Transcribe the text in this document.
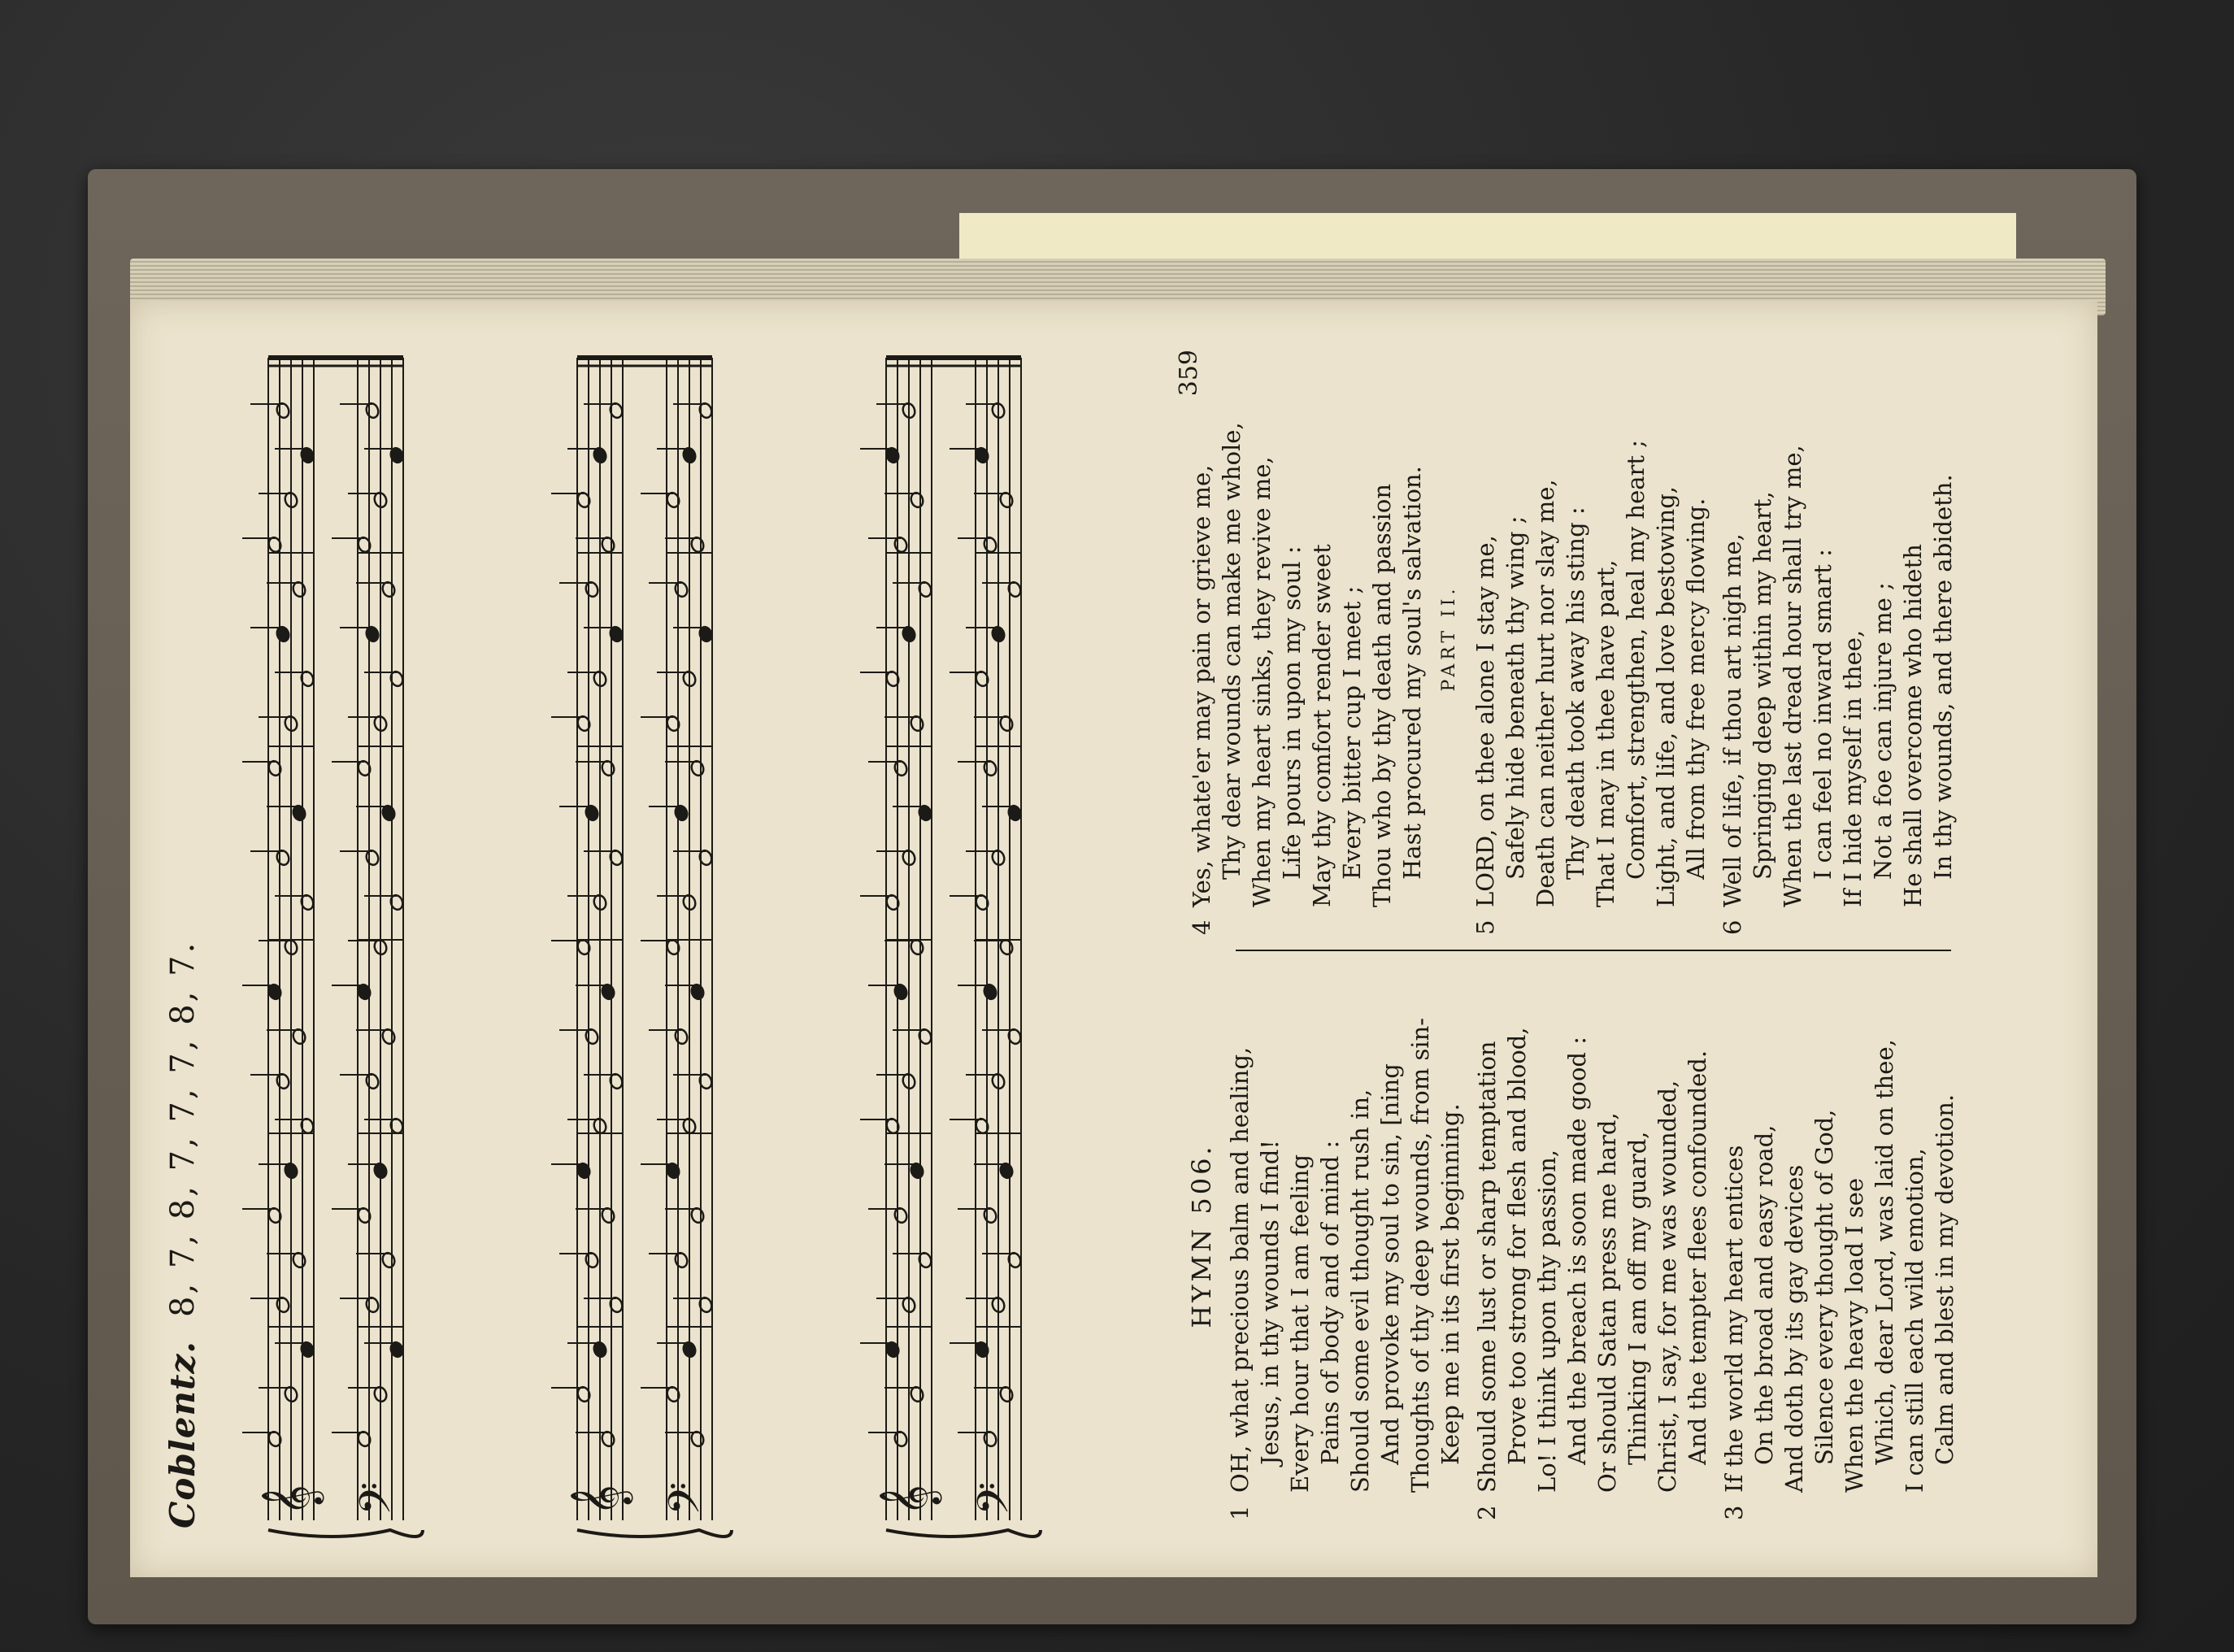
Coblentz.
8, 7, 8, 7, 7, 7, 8, 7.
𝄞 𝄢	𝄞 𝄢	𝄞 𝄢
HYMN 506.
1OH, what precious balm and healing, Jesus, in thy wounds I find! Every hour that I am feeling Pains of body and of mind : Should some evil thought rush in, And provoke my soul to sin, [ning Thoughts of thy deep wounds, from sin- Keep me in its first beginning.
2Should some lust or sharp temptation Prove too strong for flesh and blood, Lo! I think upon thy passion, And the breach is soon made good : Or should Satan press me hard, Thinking I am off my guard, Christ, I say, for me was wounded, And the tempter flees confounded.
3If the world my heart entices On the broad and easy road, And doth by its gay devices Silence every thought of God, When the heavy load I see Which, dear Lord, was laid on thee, I can still each wild emotion, Calm and blest in my devotion.
4Yes, whate'er may pain or grieve me, Thy dear wounds can make me whole, When my heart sinks, they revive me, Life pours in upon my soul : May thy comfort render sweet Every bitter cup I meet ; Thou who by thy death and passion Hast procured my soul's salvation. PART II.
5LORD, on thee alone I stay me, Safely hide beneath thy wing ; Death can neither hurt nor slay me, Thy death took away his sting : That I may in thee have part, Comfort, strengthen, heal my heart ; Light, and life, and love bestowing, All from thy free mercy flowing.
6Well of life, if thou art nigh me, Springing deep within my heart, When the last dread hour shall try me, I can feel no inward smart : If I hide myself in thee, Not a foe can injure me ; He shall overcome who hideth In thy wounds, and there abideth.
359
